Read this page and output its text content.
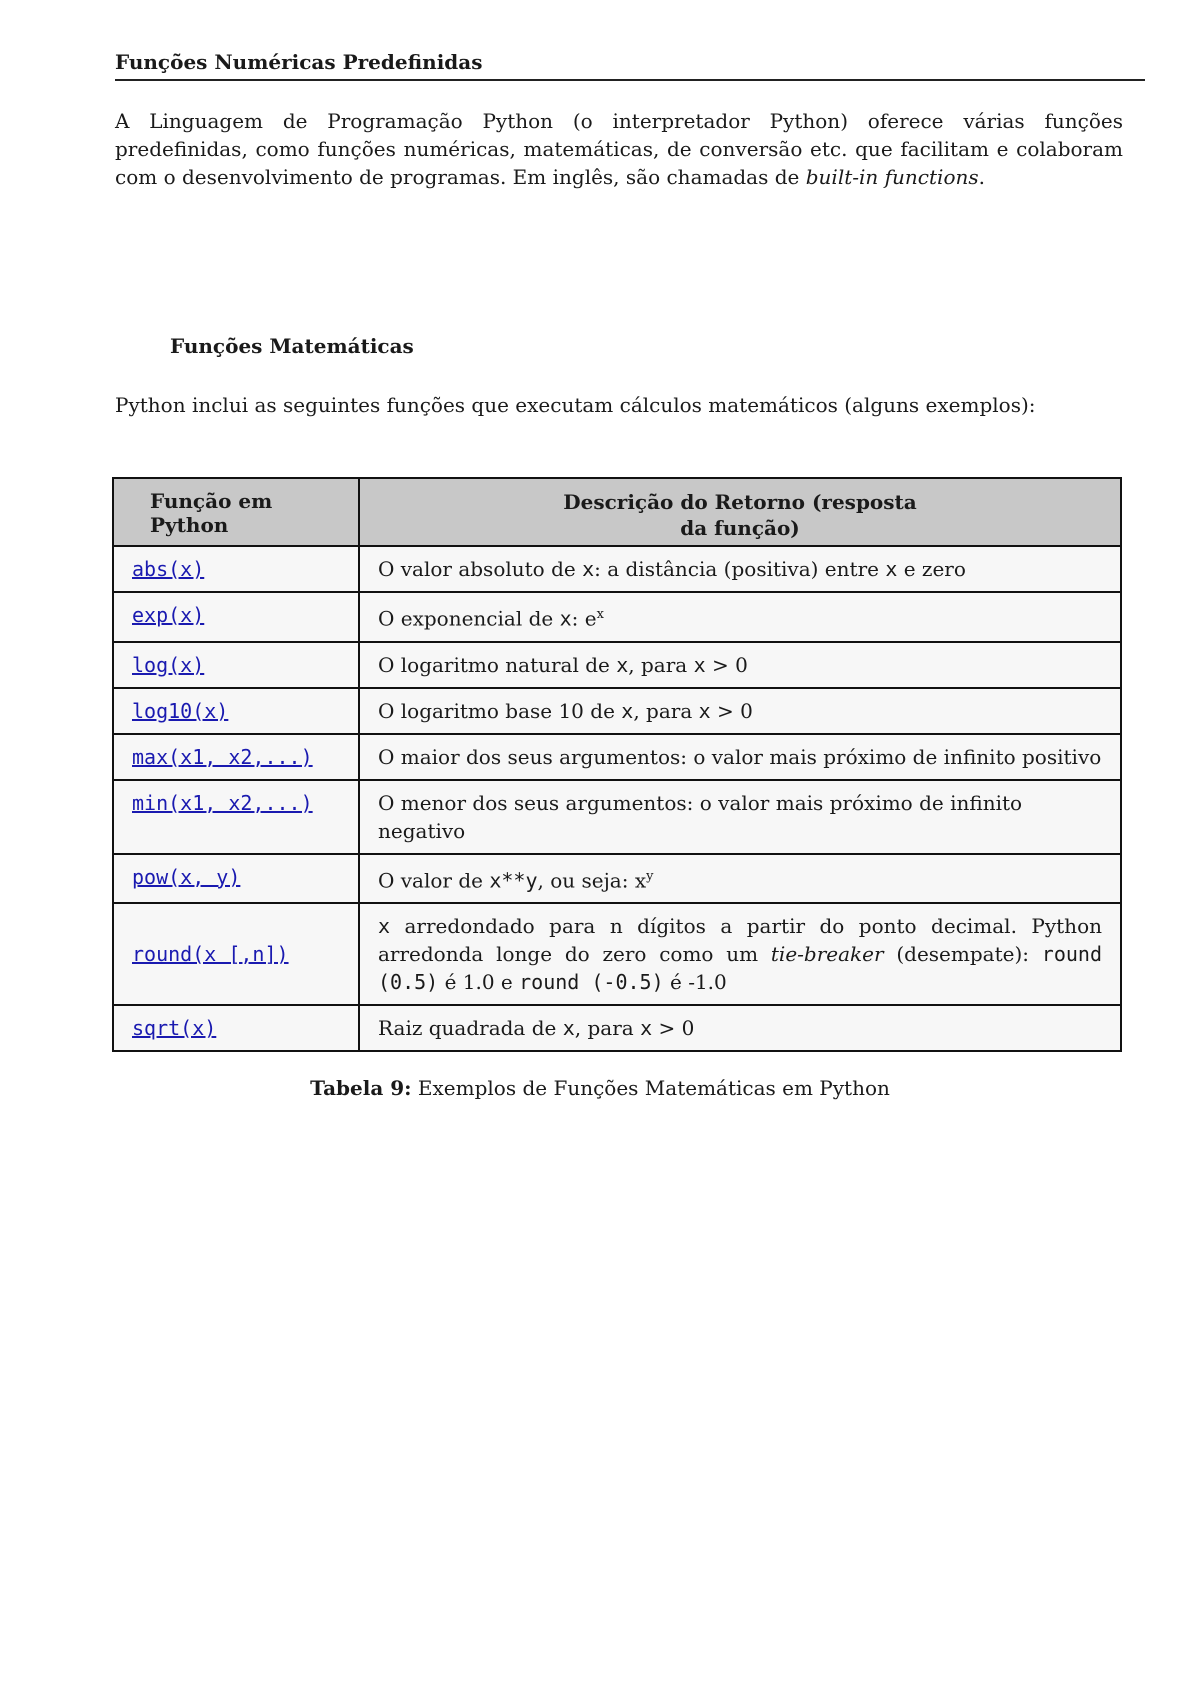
Funções Numéricas Predefinidas

A Linguagem de Programação Python (o interpretador Python) oferece várias funções predefinidas, como funções numéricas, matemáticas, de conversão etc. que facilitam e colaboram com o desenvolvimento de programas. Em inglês, são chamadas de built-in functions.

Funções Matemáticas
Python inclui as seguintes funções que executam cálculos matemáticos (alguns exemplos):
Função em Python	Descrição do Retorno (resposta da função)
abs(x)	O valor absoluto de x: a distância (positiva) entre x e zero
exp(x)	O exponencial de x: $e^x$
log(x)	O logaritmo natural de x, para x > 0
log10(x)	O logaritmo base 10 de x, para x > 0
max(x1, x2,...)	O maior dos seus argumentos: o valor mais próximo de infinito positivo
min(x1, x2,...)	O menor dos seus argumentos: o valor mais próximo de infinito negativo
pow(x, y)	O valor de x**y, ou seja: $x^y$
round(x [,n])	x arredondado para n dígitos a partir do ponto decimal. Python arredonda longe do zero como um tie-breaker (desempate): round (0.5) é 1.0 e round (-0.5) é -1.0
sqrt(x)	Raiz quadrada de x, para x > 0
Tabela 9: Exemplos de Funções Matemáticas em Python
